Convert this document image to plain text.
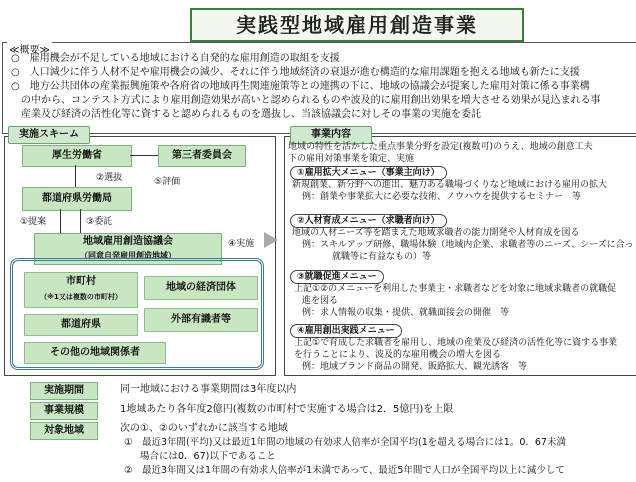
実践型地域雇用創造事業
≪概要≫
○　雇用機会が不足している地域における自発的な雇用創造の取組を支援
○　人口減少に伴う人材不足や雇用機会の減少、それに伴う地域経済の衰退が進む構造的な雇用課題を抱える地域も新たに支援
○　地方公共団体の産業振興施策や各府省の地域再生関連施策等との連携の下に、地域の協議会が提案した雇用対策に係る事業構
　の中から、コンテスト方式により雇用創造効果が高いと認められるものや波及的に雇用創出効果を増大させる効果が見込まれる事
　産業及び経済の活性化等に資すると認められるものを選抜し、当該協議会に対しその事業の実施を委託
実施スキーム
厚生労働省	第三者委員会
②選抜	⑤評価
都道府県労働局
①提案	③委託
④実施
地域雇用創造協議会
（同意自発雇用創造地域）
市町村
（※1又は複数の市町村）
地域の経済団体
都道府県	外部有識者等
その他の地域関係者
事業内容
地域の特性を活かした重点事業分野を設定(複数可)のうえ、地域の創意工夫
下の雇用対策事業を策定、実施
①雇用拡大メニュー（事業主向け）
新規創業、新分野への進出、魅力ある職場づくりなど地域における雇用の拡大
例：創業や事業拡大に必要な技術、ノウハウを提供するセミナー　等
②人材育成メニュー（求職者向け）
地域の人材ニーズ等を踏まえた地域求職者の能力開発や人材育成を図る
例：スキルアップ研修、職場体験（地域内企業、求職者等のニーズ、シーズに合っ
就職等に有益なもの）等
③就職促進メニュー
上記①②のメニューを利用した事業主・求職者などを対象に地域求職者の就職促
進を図る
例：求人情報の収集・提供、就職面接会の開催　等
④雇用創出実践メニュー
上記①で育成した求職者を雇用し、地域の産業及び経済の活性化等に資する事業
を行うことにより、波及的な雇用機会の増大を図る
例：地域ブランド商品の開発、販路拡大、観光誘客　等
実施期間	同一地域における事業期間は3年度以内
事業規模	1地域あたり各年度2億円(複数の市町村で実施する場合は2．5億円)を上限
対象地域	次の①、②のいずれかに該当する地域
①　最近3年間(平均)又は最近1年間の地域の有効求人倍率が全国平均(1を超える場合には1。0．67未満
場合には0．67)以下であること
②　最近3年間又は1年間の有効求人倍率が1未満であって、最近5年間で人口が全国平均以上に減少して
